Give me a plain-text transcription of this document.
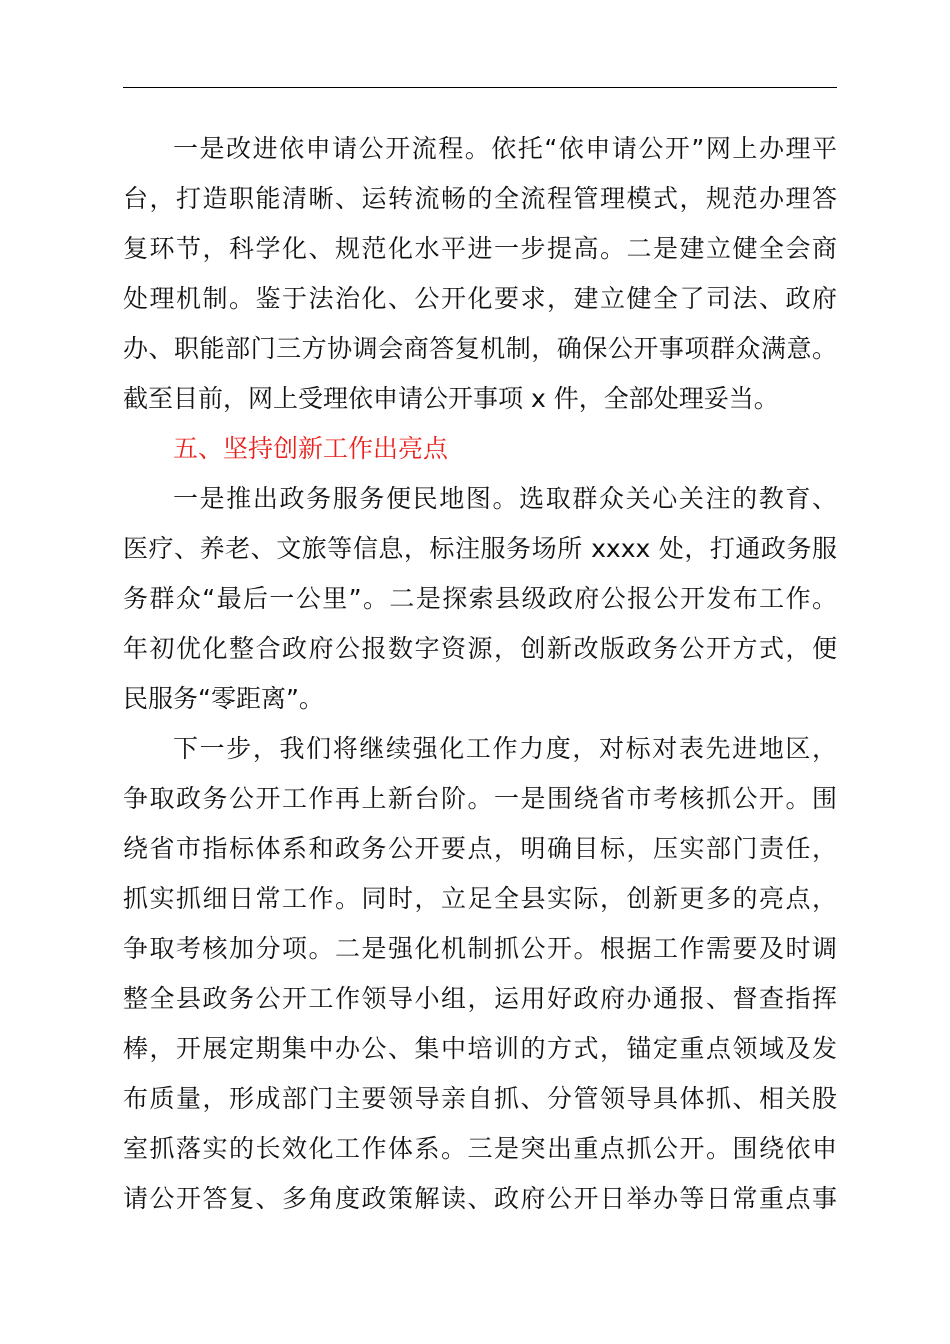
一是改进依申请公开流程。依托“依申请公开”网上办理平
台，打造职能清晰、运转流畅的全流程管理模式，规范办理答
复环节，科学化、规范化水平进一步提高。二是建立健全会商
处理机制。鉴于法治化、公开化要求，建立健全了司法、政府
办、职能部门三方协调会商答复机制，确保公开事项群众满意。
截至目前，网上受理依申请公开事项 x 件，全部处理妥当。
五、坚持创新工作出亮点
一是推出政务服务便民地图。选取群众关心关注的教育、
医疗、养老、文旅等信息，标注服务场所 xxxx 处，打通政务服
务群众“最后一公里”。二是探索县级政府公报公开发布工作。
年初优化整合政府公报数字资源，创新改版政务公开方式，便
民服务“零距离”。
下一步，我们将继续强化工作力度，对标对表先进地区，
争取政务公开工作再上新台阶。一是围绕省市考核抓公开。围
绕省市指标体系和政务公开要点，明确目标，压实部门责任，
抓实抓细日常工作。同时，立足全县实际，创新更多的亮点，
争取考核加分项。二是强化机制抓公开。根据工作需要及时调
整全县政务公开工作领导小组，运用好政府办通报、督查指挥
棒，开展定期集中办公、集中培训的方式，锚定重点领域及发
布质量，形成部门主要领导亲自抓、分管领导具体抓、相关股
室抓落实的长效化工作体系。三是突出重点抓公开。围绕依申
请公开答复、多角度政策解读、政府公开日举办等日常重点事
